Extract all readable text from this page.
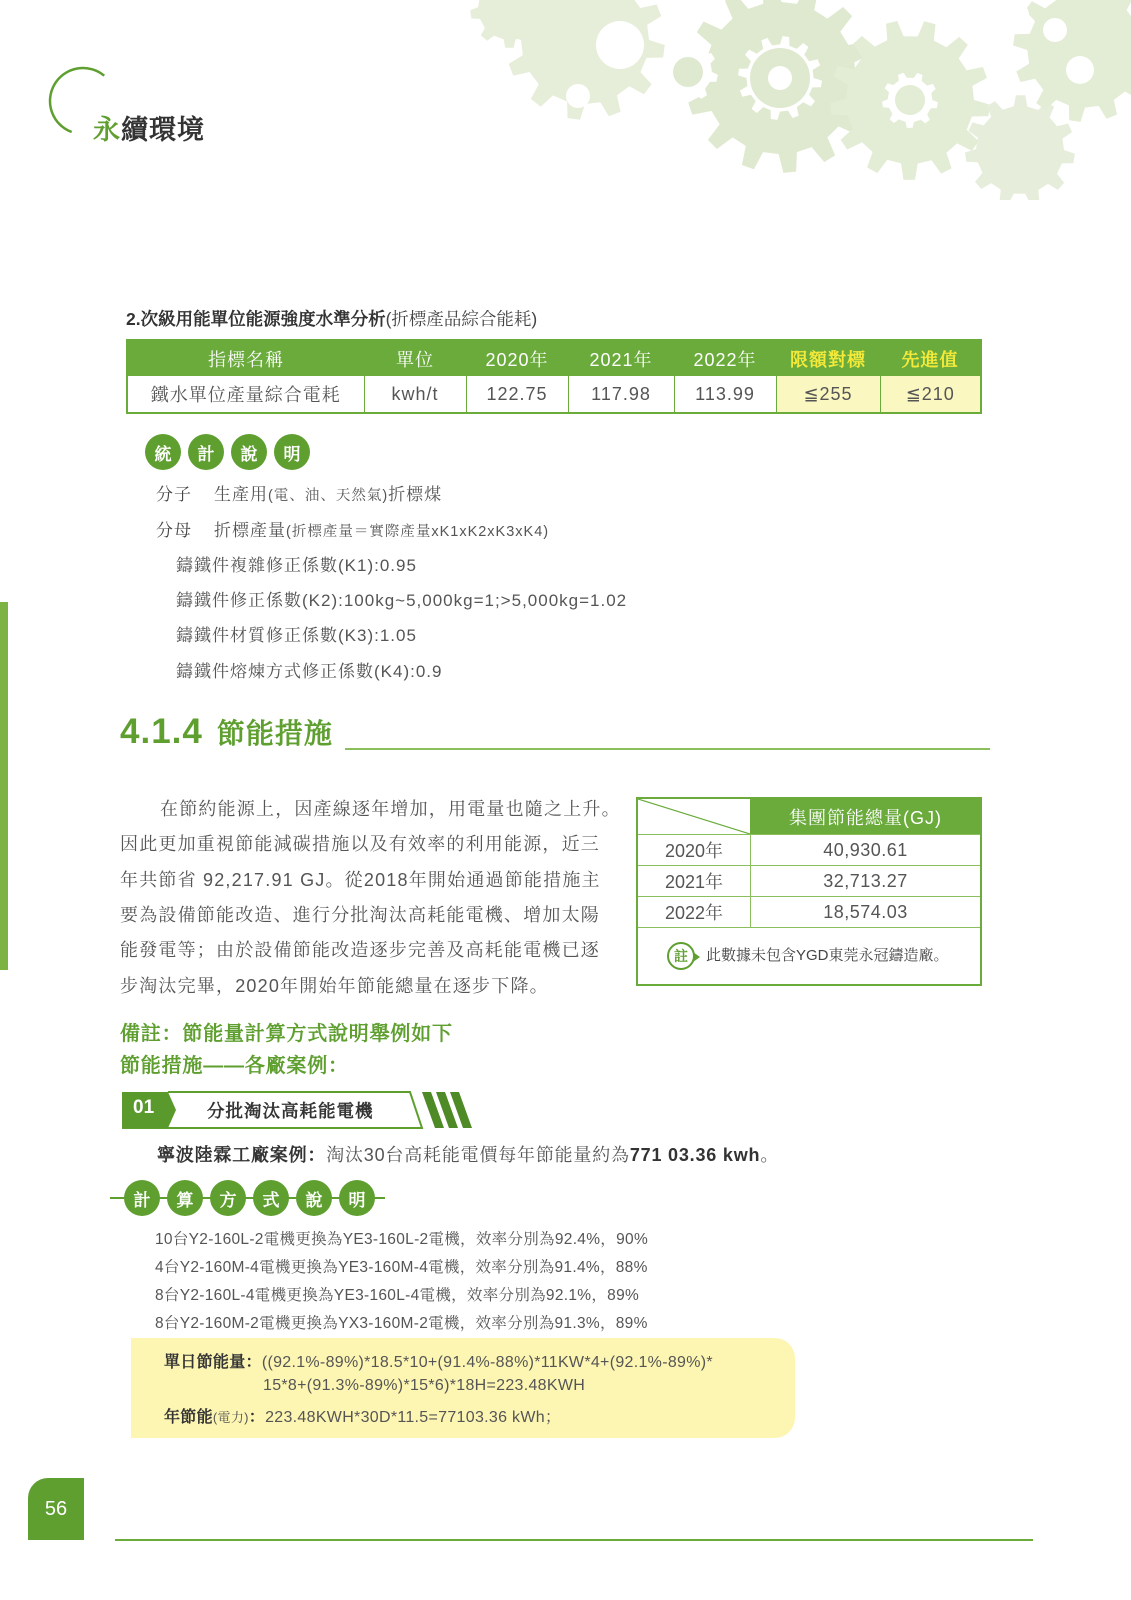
永續環境
2.次級用能單位能源強度水準分析(折標產品綜合能耗)
指標名稱	單位	2020年	2021年	2022年	限額對標	先進值
鐵水單位產量綜合電耗	kwh/t	122.75	117.98	113.99	≦255	≦210
統	計	說	明
分子 生產用(電、油、天然氣)折標煤
分母 折標產量(折標產量＝實際產量xK1xK2xK3xK4)
鑄鐵件複雜修正係數(K1):0.95
鑄鐵件修正係數(K2):100kg~5,000kg=1;>5,000kg=1.02
鑄鐵件材質修正係數(K3):1.05
鑄鐵件熔煉方式修正係數(K4):0.9
4.1.4 節能措施
在節約能源上，因產線逐年增加，用電量也隨之上升。
因此更加重視節能減碳措施以及有效率的利用能源，近三
年共節省 92,217.91 GJ。從2018年開始通過節能措施主
要為設備節能改造、進行分批淘汰高耗能電機、增加太陽
能發電等；由於設備節能改造逐步完善及高耗能電機已逐
步淘汰完畢，2020年開始年節能總量在逐步下降。
集團節能總量(GJ)
2020年	40,930.61
2021年	32,713.27
2022年	18,574.03
註	此數據未包含YGD東莞永冠鑄造廠。
備註：節能量計算方式說明舉例如下
節能措施——各廠案例：
01	分批淘汰高耗能電機
寧波陸霖工廠案例：淘汰30台高耗能電價每年節能量約為771 03.36 kwh。
計	算	方	式	說	明
10台Y2-160L-2電機更換為YE3-160L-2電機，效率分別為92.4%，90%
4台Y2-160M-4電機更換為YE3-160M-4電機，效率分別為91.4%，88%
8台Y2-160L-4電機更換為YE3-160L-4電機，效率分別為92.1%，89%
8台Y2-160M-2電機更換為YX3-160M-2電機，效率分別為91.3%，89%
單日節能量：((92.1%-89%)*18.5*10+(91.4%-88%)*11KW*4+(92.1%-89%)*
15*8+(91.3%-89%)*15*6)*18H=223.48KWH
年節能(電力)：223.48KWH*30D*11.5=77103.36 kWh；
56
